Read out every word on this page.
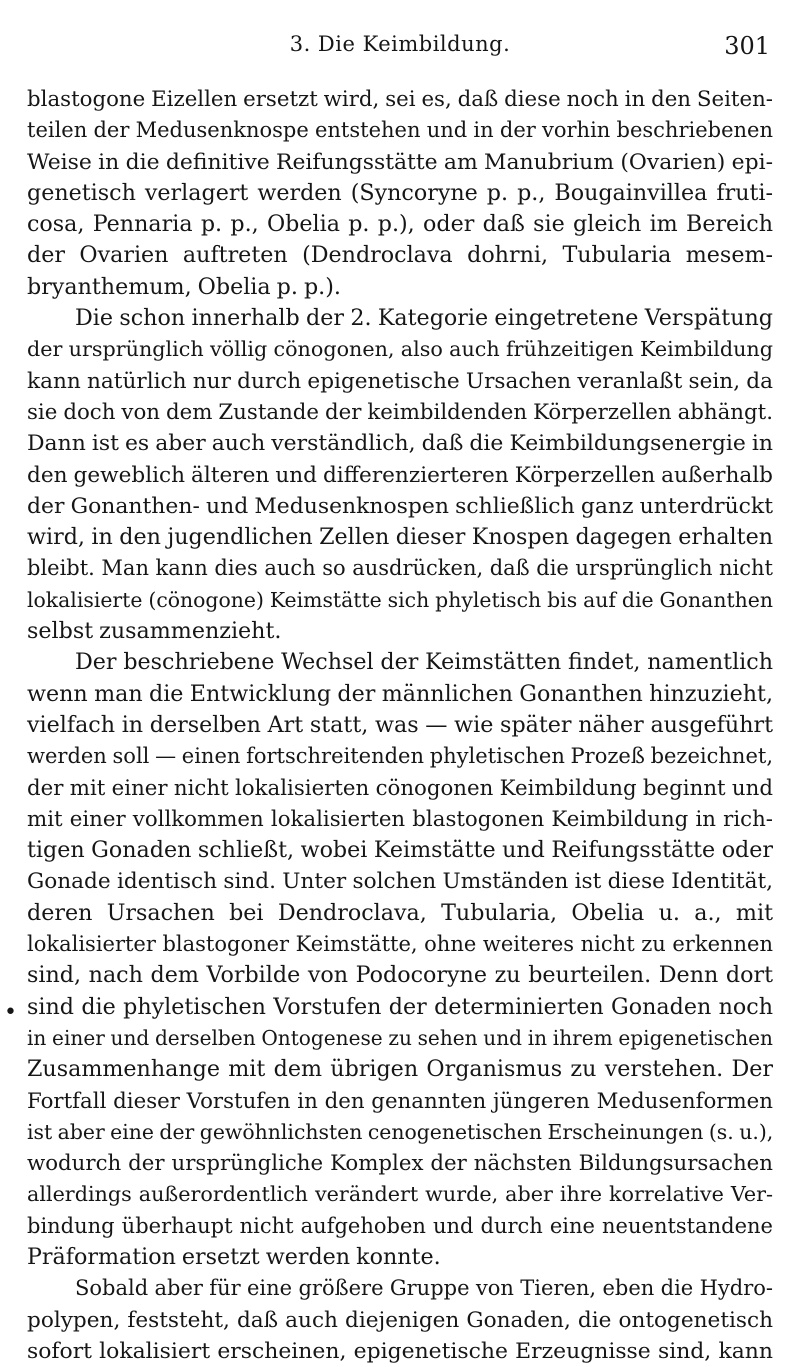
3. Die Keimbildung.	301
•
blastogone Eizellen ersetzt wird, sei es, daß diese noch in den Seiten-
teilen der Medusenknospe entstehen und in der vorhin beschriebenen
Weise in die definitive Reifungsstätte am Manubrium (Ovarien) epi-
genetisch verlagert werden (Syncoryne p. p., Bougainvillea fruti-
cosa, Pennaria p. p., Obelia p. p.), oder daß sie gleich im Bereich
der Ovarien auftreten (Dendroclava dohrni, Tubularia mesem-
bryanthemum, Obelia p. p.).
Die schon innerhalb der 2. Kategorie eingetretene Verspätung
der ursprünglich völlig cönogonen, also auch frühzeitigen Keimbildung
kann natürlich nur durch epigenetische Ursachen veranlaßt sein, da
sie doch von dem Zustande der keimbildenden Körperzellen abhängt.
Dann ist es aber auch verständlich, daß die Keimbildungsenergie in
den geweblich älteren und differenzierteren Körperzellen außerhalb
der Gonanthen- und Medusenknospen schließlich ganz unterdrückt
wird, in den jugendlichen Zellen dieser Knospen dagegen erhalten
bleibt. Man kann dies auch so ausdrücken, daß die ursprünglich nicht
lokalisierte (cönogone) Keimstätte sich phyletisch bis auf die Gonanthen
selbst zusammenzieht.
Der beschriebene Wechsel der Keimstätten findet, namentlich
wenn man die Entwicklung der männlichen Gonanthen hinzuzieht,
vielfach in derselben Art statt, was — wie später näher ausgeführt
werden soll — einen fortschreitenden phyletischen Prozeß bezeichnet,
der mit einer nicht lokalisierten cönogonen Keimbildung beginnt und
mit einer vollkommen lokalisierten blastogonen Keimbildung in rich-
tigen Gonaden schließt, wobei Keimstätte und Reifungsstätte oder
Gonade identisch sind. Unter solchen Umständen ist diese Identität,
deren Ursachen bei Dendroclava, Tubularia, Obelia u. a., mit
lokalisierter blastogoner Keimstätte, ohne weiteres nicht zu erkennen
sind, nach dem Vorbilde von Podocoryne zu beurteilen. Denn dort
sind die phyletischen Vorstufen der determinierten Gonaden noch
in einer und derselben Ontogenese zu sehen und in ihrem epigenetischen
Zusammenhange mit dem übrigen Organismus zu verstehen. Der
Fortfall dieser Vorstufen in den genannten jüngeren Medusenformen
ist aber eine der gewöhnlichsten cenogenetischen Erscheinungen (s. u.),
wodurch der ursprüngliche Komplex der nächsten Bildungsursachen
allerdings außerordentlich verändert wurde, aber ihre korrelative Ver-
bindung überhaupt nicht aufgehoben und durch eine neuentstandene
Präformation ersetzt werden konnte.
Sobald aber für eine größere Gruppe von Tieren, eben die Hydro-
polypen, feststeht, daß auch diejenigen Gonaden, die ontogenetisch
sofort lokalisiert erscheinen, epigenetische Erzeugnisse sind, kann
